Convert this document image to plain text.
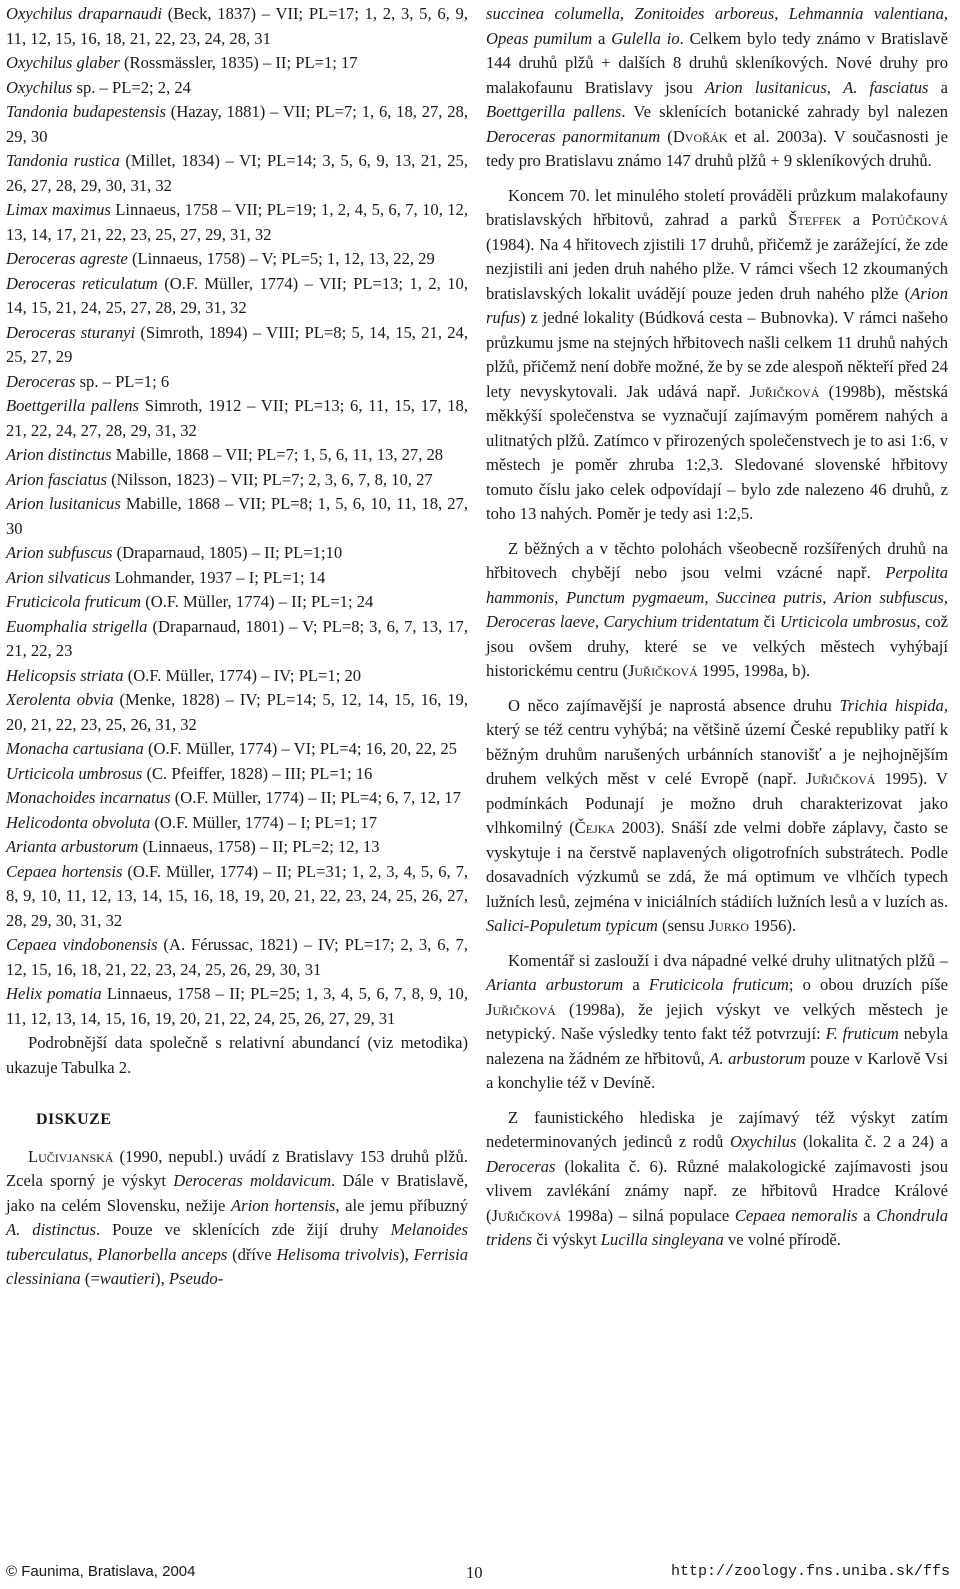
Oxychilus draparnaudi (Beck, 1837) – VII; PL=17; 1, 2, 3, 5, 6, 9, 11, 12, 15, 16, 18, 21, 22, 23, 24, 28, 31
Oxychilus glaber (Rossmässler, 1835) – II; PL=1; 17
Oxychilus sp. – PL=2; 2, 24
Tandonia budapestensis (Hazay, 1881) – VII; PL=7; 1, 6, 18, 27, 28, 29, 30
Tandonia rustica (Millet, 1834) – VI; PL=14; 3, 5, 6, 9, 13, 21, 25, 26, 27, 28, 29, 30, 31, 32
Limax maximus Linnaeus, 1758 – VII; PL=19; 1, 2, 4, 5, 6, 7, 10, 12, 13, 14, 17, 21, 22, 23, 25, 27, 29, 31, 32
Deroceras agreste (Linnaeus, 1758) – V; PL=5; 1, 12, 13, 22, 29
Deroceras reticulatum (O.F. Müller, 1774) – VII; PL=13; 1, 2, 10, 14, 15, 21, 24, 25, 27, 28, 29, 31, 32
Deroceras sturanyi (Simroth, 1894) – VIII; PL=8; 5, 14, 15, 21, 24, 25, 27, 29
Deroceras sp. – PL=1; 6
Boettgerilla pallens Simroth, 1912 – VII; PL=13; 6, 11, 15, 17, 18, 21, 22, 24, 27, 28, 29, 31, 32
Arion distinctus Mabille, 1868 – VII; PL=7; 1, 5, 6, 11, 13, 27, 28
Arion fasciatus (Nilsson, 1823) – VII; PL=7; 2, 3, 6, 7, 8, 10, 27
Arion lusitanicus Mabille, 1868 – VII; PL=8; 1, 5, 6, 10, 11, 18, 27, 30
Arion subfuscus (Draparnaud, 1805) – II; PL=1;10
Arion silvaticus Lohmander, 1937 – I; PL=1; 14
Fruticicola fruticum (O.F. Müller, 1774) – II; PL=1; 24
Euomphalia strigella (Draparnaud, 1801) – V; PL=8; 3, 6, 7, 13, 17, 21, 22, 23
Helicopsis striata (O.F. Müller, 1774) – IV; PL=1; 20
Xerolenta obvia (Menke, 1828) – IV; PL=14; 5, 12, 14, 15, 16, 19, 20, 21, 22, 23, 25, 26, 31, 32
Monacha cartusiana (O.F. Müller, 1774) – VI; PL=4; 16, 20, 22, 25
Urticicola umbrosus (C. Pfeiffer, 1828) – III; PL=1; 16
Monachoides incarnatus (O.F. Müller, 1774) – II; PL=4; 6, 7, 12, 17
Helicodonta obvoluta (O.F. Müller, 1774) – I; PL=1; 17
Arianta arbustorum (Linnaeus, 1758) – II; PL=2; 12, 13
Cepaea hortensis (O.F. Müller, 1774) – II; PL=31; 1, 2, 3, 4, 5, 6, 7, 8, 9, 10, 11, 12, 13, 14, 15, 16, 18, 19, 20, 21, 22, 23, 24, 25, 26, 27, 28, 29, 30, 31, 32
Cepaea vindobonensis (A. Férussac, 1821) – IV; PL=17; 2, 3, 6, 7, 12, 15, 16, 18, 21, 22, 23, 24, 25, 26, 29, 30, 31
Helix pomatia Linnaeus, 1758 – II; PL=25; 1, 3, 4, 5, 6, 7, 8, 9, 10, 11, 12, 13, 14, 15, 16, 19, 20, 21, 22, 24, 25, 26, 27, 29, 31

Podrobnější data společně s relativní abundancí (viz metodika) ukazuje Tabulka 2.

DISKUZE

Lučivjanská (1990, nepubl.) uvádí z Bratislavy 153 druhů plžů. Zcela sporný je výskyt Deroceras moldavicum. Dále v Bratislavě, jako na celém Slovensku, nežije Arion hortensis, ale jemu příbuzný A. distinctus. Pouze ve sklenících zde žijí druhy Melanoides tuberculatus, Planorbella anceps (dříve Helisoma trivolvis), Ferrisia clessiniana (=wautieri), Pseudo-

succinea columella, Zonitoides arboreus, Lehmannia valentiana, Opeas pumilum a Gulella io. Celkem bylo tedy známo v Bratislavě 144 druhů plžů + dalších 8 druhů skleníkových. Nové druhy pro malakofaunu Bratislavy jsou Arion lusitanicus, A. fasciatus a Boettgerilla pallens. Ve sklenících botanické zahrady byl nalezen Deroceras panormitanum (Dvořák et al. 2003a). V současnosti je tedy pro Bratislavu známo 147 druhů plžů + 9 skleníkových druhů.

Koncem 70. let minulého století prováděli průzkum malakofauny bratislavských hřbitovů, zahrad a parků Šteffek a Potúčková (1984). Na 4 hřitovech zjistili 17 druhů, přičemž je zarážející, že zde nezjistili ani jeden druh nahého plže. V rámci všech 12 zkoumaných bratislavských lokalit uvádějí pouze jeden druh nahého plže (Arion rufus) z jedné lokality (Búdková cesta – Bubnovka). V rámci našeho průzkumu jsme na stejných hřbitovech našli celkem 11 druhů nahých plžů, přičemž není dobře možné, že by se zde alespoň někteří před 24 lety nevyskytovali. Jak udává např. Juřičková (1998b), městská měkkýší společenstva se vyznačují zajímavým poměrem nahých a ulitnatých plžů. Zatímco v přirozených společenstvech je to asi 1:6, v městech je poměr zhruba 1:2,3. Sledované slovenské hřbitovy tomuto číslu jako celek odpovídají – bylo zde nalezeno 46 druhů, z toho 13 nahých. Poměr je tedy asi 1:2,5.

Z běžných a v těchto polohách všeobecně rozšířených druhů na hřbitovech chybějí nebo jsou velmi vzácné např. Perpolita hammonis, Punctum pygmaeum, Succinea putris, Arion subfuscus, Deroceras laeve, Carychium tridentatum či Urticicola umbrosus, což jsou ovšem druhy, které se ve velkých městech vyhýbají historickému centru (Juřičková 1995, 1998a, b).

O něco zajímavější je naprostá absence druhu Trichia hispida, který se též centru vyhýbá; na většině území České republiky patří k běžným druhům narušených urbánních stanovišť a je nejhojnějším druhem velkých měst v celé Evropě (např. Juřičková 1995). V podmínkách Podunají je možno druh charakterizovat jako vlhkomilný (Čejka 2003). Snáší zde velmi dobře záplavy, často se vyskytuje i na čerstvě naplavených oligotrofních substrátech. Podle dosavadních výzkumů se zdá, že má optimum ve vlhčích typech lužních lesů, zejména v iniciálních stádiích lužních lesů a v luzích as. Salici-Populetum typicum (sensu Jurko 1956).

Komentář si zaslouží i dva nápadné velké druhy ulitnatých plžů – Arianta arbustorum a Fruticicola fruticum; o obou druzích píše Juřičková (1998a), že jejich výskyt ve velkých městech je netypický. Naše výsledky tento fakt též potvrzují: F. fruticum nebyla nalezena na žádném ze hřbitovů, A. arbustorum pouze v Karlově Vsi a konchylie též v Devíně.

Z faunistického hlediska je zajímavý též výskyt zatím nedeterminovaných jedinců z rodů Oxychilus (lokalita č. 2 a 24) a Deroceras (lokalita č. 6). Různé malakologické zajímavosti jsou vlivem zavlékání známy např. ze hřbitovů Hradce Králové (Juřičková 1998a) – silná populace Cepaea nemoralis a Chondrula tridens či výskyt Lucilla singleyana ve volné přírodě.

© Faunima, Bratislava, 2004	10	http://zoology.fns.uniba.sk/ffs
